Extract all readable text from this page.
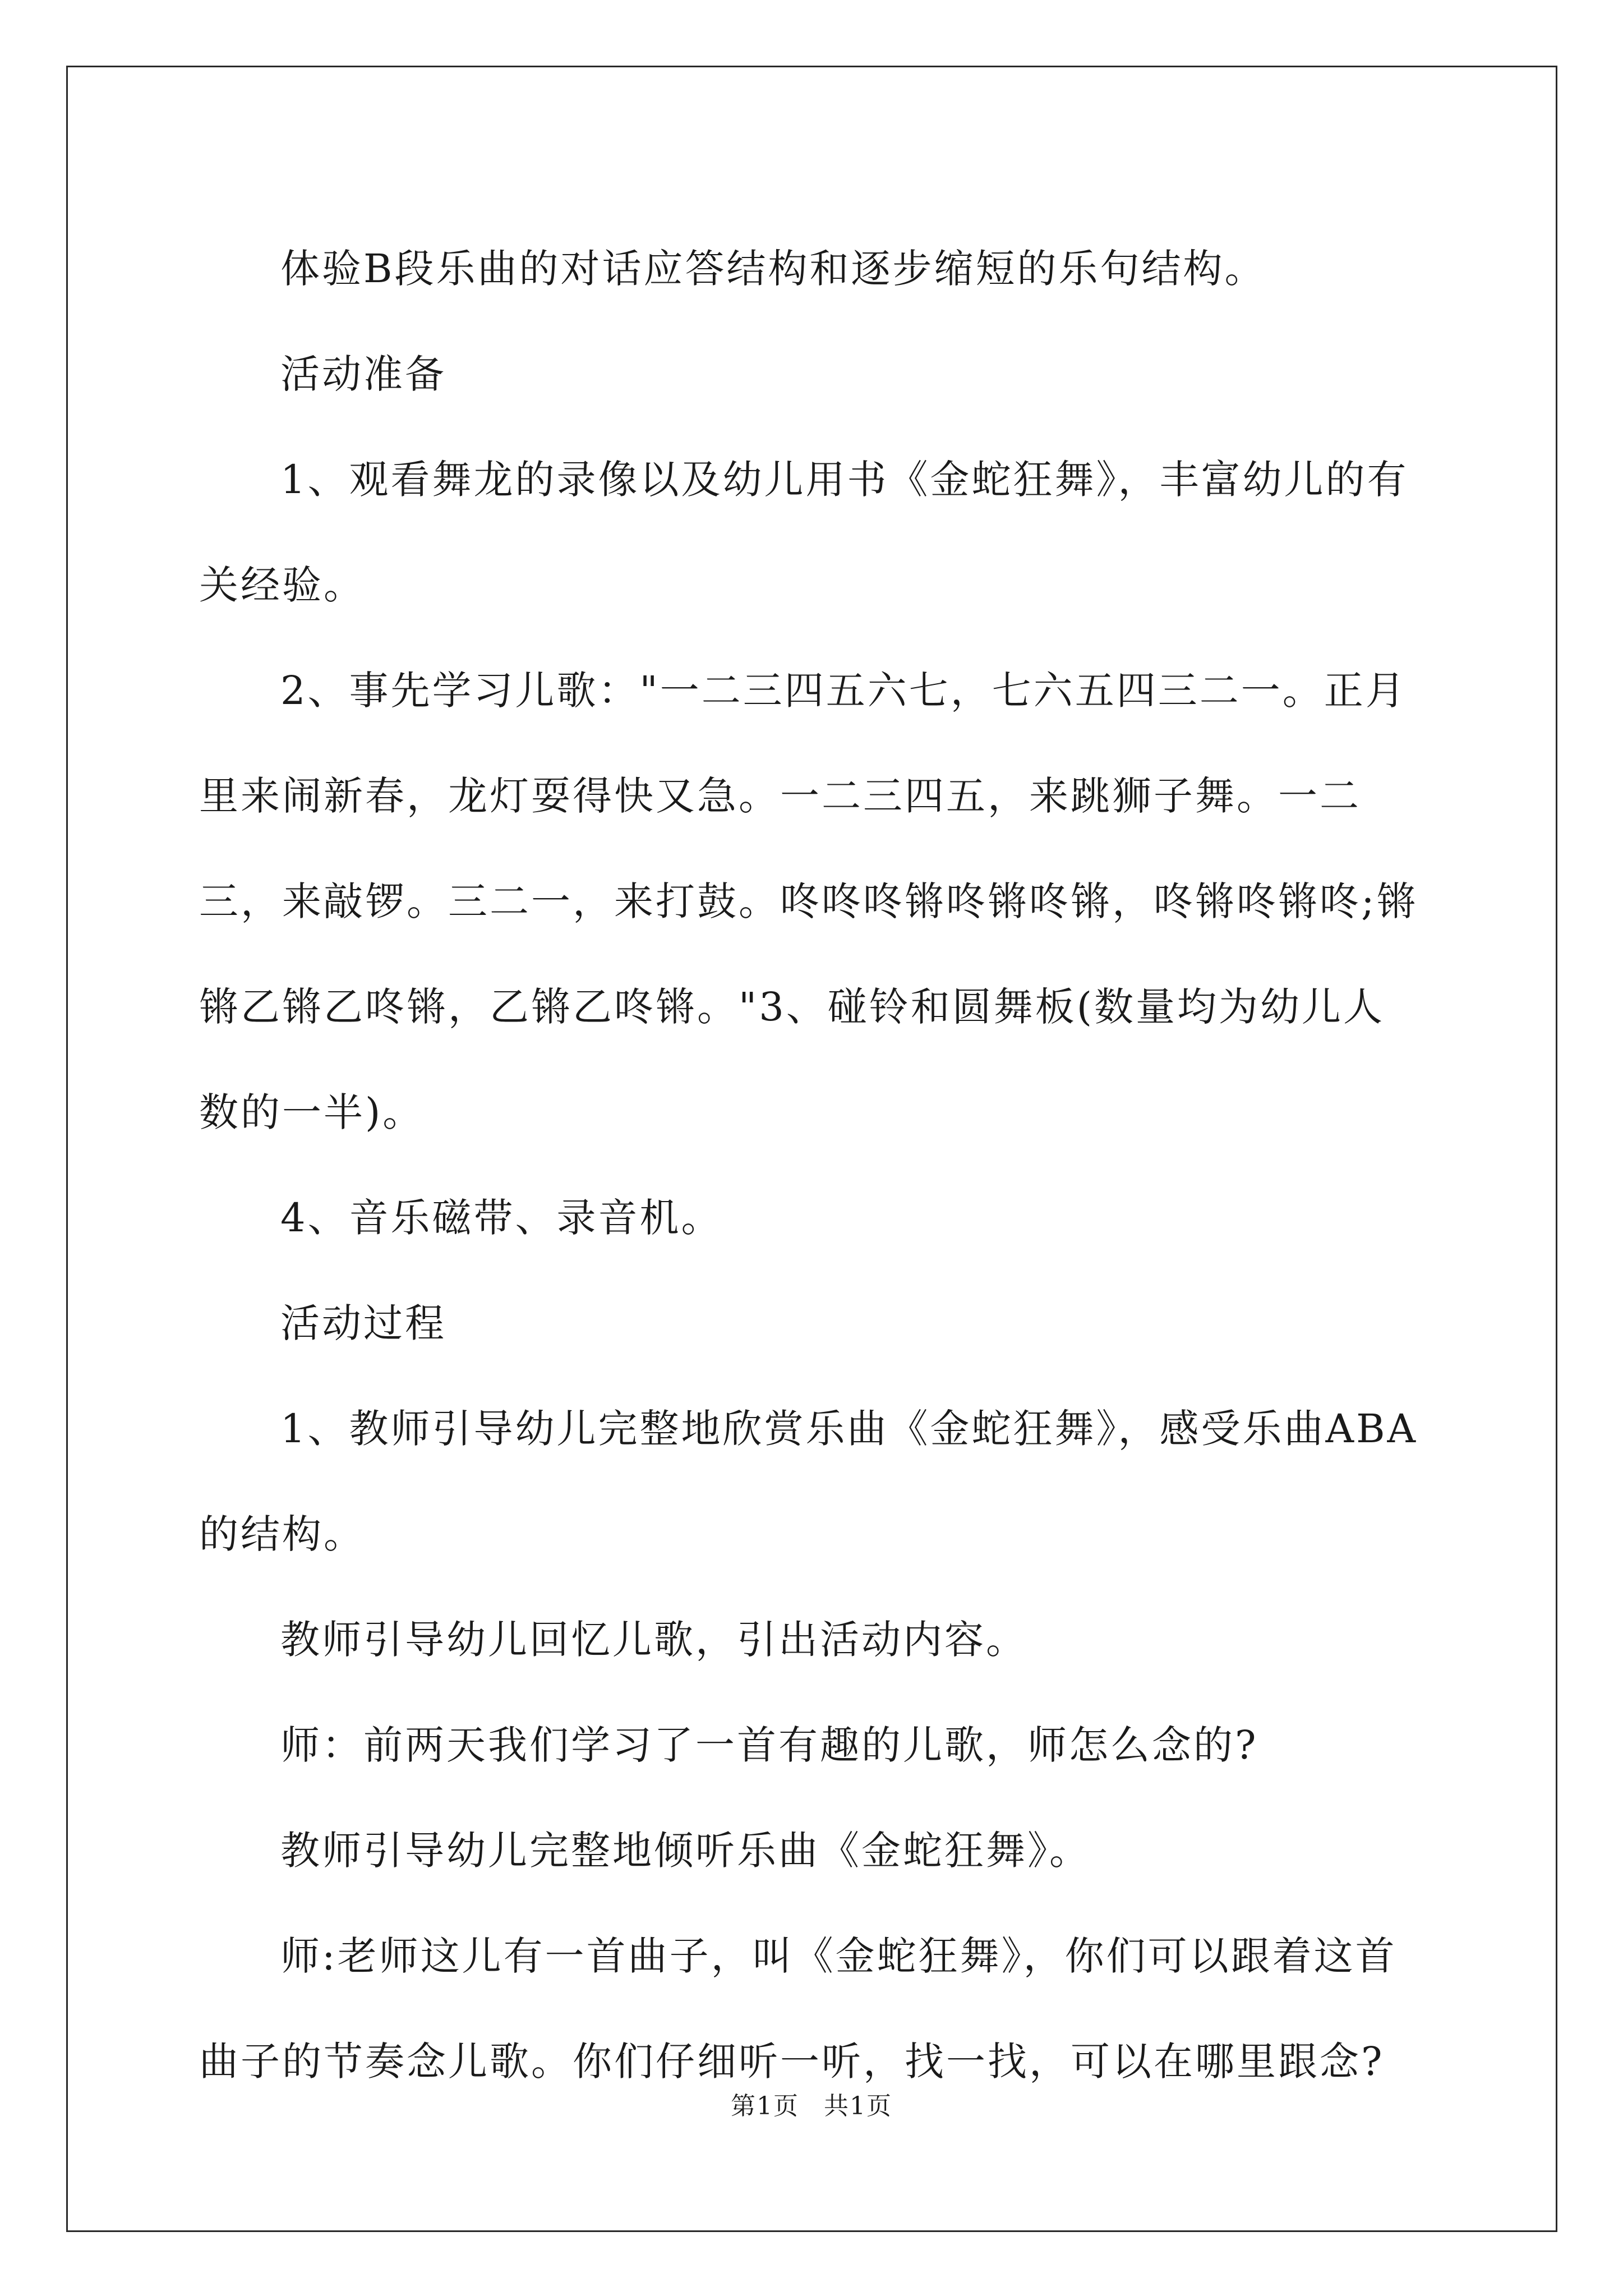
体验B段乐曲的对话应答结构和逐步缩短的乐句结构。

活动准备

1、观看舞龙的录像以及幼儿用书《金蛇狂舞》，丰富幼儿的有关经验。

2、事先学习儿歌："一二三四五六七，七六五四三二一。正月里来闹新春，龙灯耍得快又急。一二三四五，来跳狮子舞。一二三，来敲锣。三二一，来打鼓。咚咚咚锵咚锵咚锵，咚锵咚锵咚;锵锵乙锵乙咚锵，乙锵乙咚锵。"3、碰铃和圆舞板(数量均为幼儿人数的一半)。

4、音乐磁带、录音机。

活动过程

1、教师引导幼儿完整地欣赏乐曲《金蛇狂舞》，感受乐曲ABA的结构。

教师引导幼儿回忆儿歌，引出活动内容。

师：前两天我们学习了一首有趣的儿歌，师怎么念的?

教师引导幼儿完整地倾听乐曲《金蛇狂舞》。

师:老师这儿有一首曲子，叫《金蛇狂舞》，你们可以跟着这首曲子的节奏念儿歌。你们仔细听一听，找一找，可以在哪里跟念?

第1页 共1页
